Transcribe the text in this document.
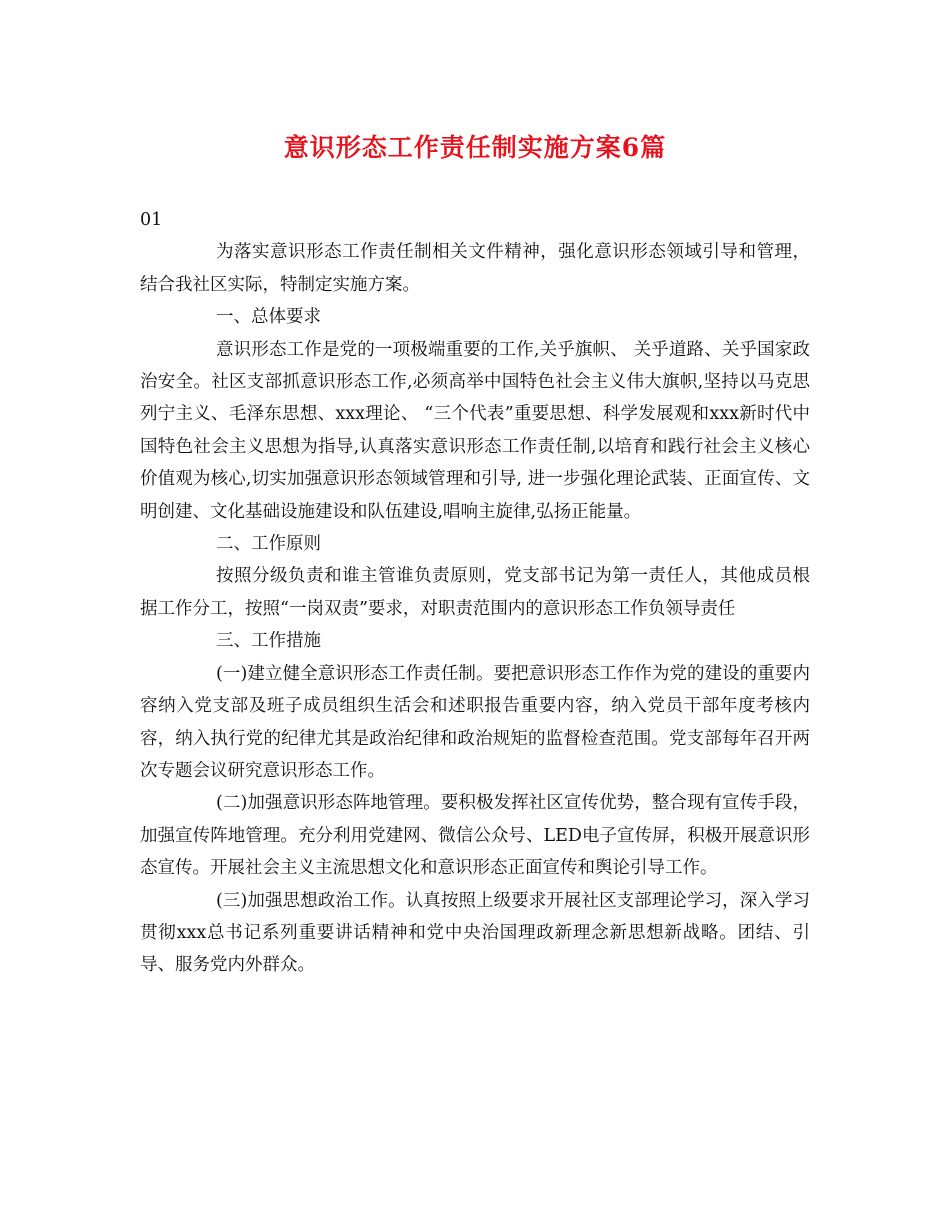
意识形态工作责任制实施方案6篇

01

为落实意识形态工作责任制相关文件精神，强化意识形态领域引导和管理，结合我社区实际，特制定实施方案。

一、总体要求

意识形态工作是党的一项极端重要的工作,关乎旗帜、 关乎道路、关乎国家政治安全。社区支部抓意识形态工作,必须高举中国特色社会主义伟大旗帜,坚持以马克思列宁主义、毛泽东思想、xxx理论、 “三个代表”重要思想、科学发展观和xxx新时代中国特色社会主义思想为指导,认真落实意识形态工作责任制,以培育和践行社会主义核心价值观为核心,切实加强意识形态领域管理和引导, 进一步强化理论武装、正面宣传、文明创建、文化基础设施建设和队伍建设,唱响主旋律,弘扬正能量。

二、工作原则

按照分级负责和谁主管谁负责原则，党支部书记为第一责任人，其他成员根据工作分工，按照“一岗双责”要求，对职责范围内的意识形态工作负领导责任

三、工作措施

(一)建立健全意识形态工作责任制。要把意识形态工作作为党的建设的重要内容纳入党支部及班子成员组织生活会和述职报告重要内容，纳入党员干部年度考核内容，纳入执行党的纪律尤其是政治纪律和政治规矩的监督检查范围。党支部每年召开两次专题会议研究意识形态工作。

(二)加强意识形态阵地管理。要积极发挥社区宣传优势，整合现有宣传手段，加强宣传阵地管理。充分利用党建网、微信公众号、LED电子宣传屏，积极开展意识形态宣传。开展社会主义主流思想文化和意识形态正面宣传和舆论引导工作。

(三)加强思想政治工作。认真按照上级要求开展社区支部理论学习，深入学习贯彻xxx总书记系列重要讲话精神和党中央治国理政新理念新思想新战略。团结、引导、服务党内外群众。
